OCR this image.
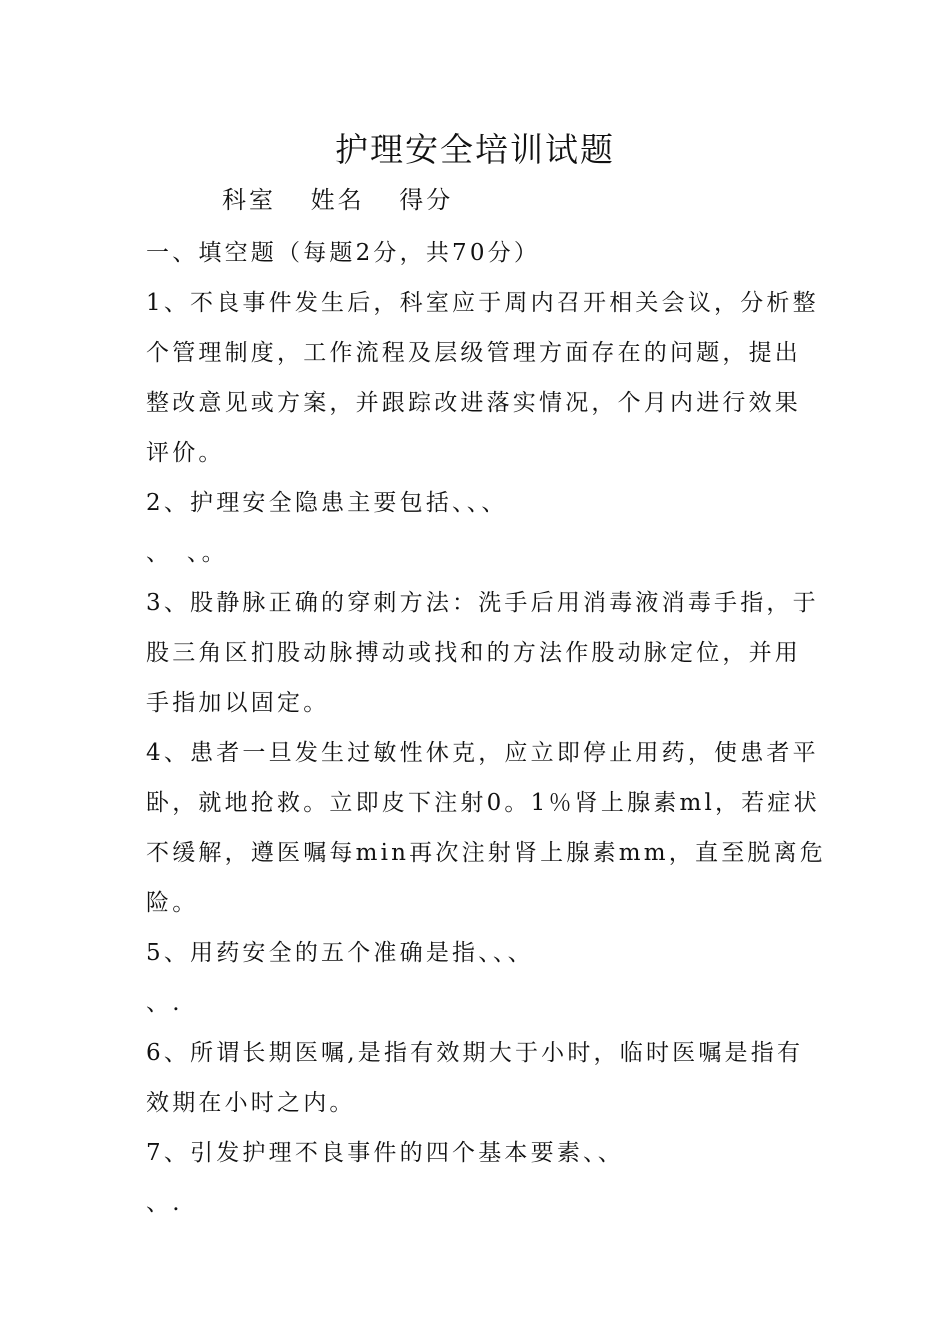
护理安全培训试题
科室 姓名 得分

一、填空题（每题2分，共70分）

1、不良事件发生后，科室应于周内召开相关会议，分析整

个管理制度，工作流程及层级管理方面存在的问题，提出

整改意见或方案，并跟踪改进落实情况，个月内进行效果

评价。

2、护理安全隐患主要包括、、、

、　、。

3、股静脉正确的穿刺方法：洗手后用消毒液消毒手指，于

股三角区扪股动脉搏动或找和的方法作股动脉定位，并用

手指加以固定。

4、患者一旦发生过敏性休克，应立即停止用药，使患者平

卧，就地抢救。立即皮下注射0。1％肾上腺素ml，若症状

不缓解，遵医嘱每min再次注射肾上腺素mm，直至脱离危

险。

5、用药安全的五个准确是指、、、

、.

6、所谓长期医嘱,是指有效期大于小时，临时医嘱是指有

效期在小时之内。

7、引发护理不良事件的四个基本要素、、

、.
